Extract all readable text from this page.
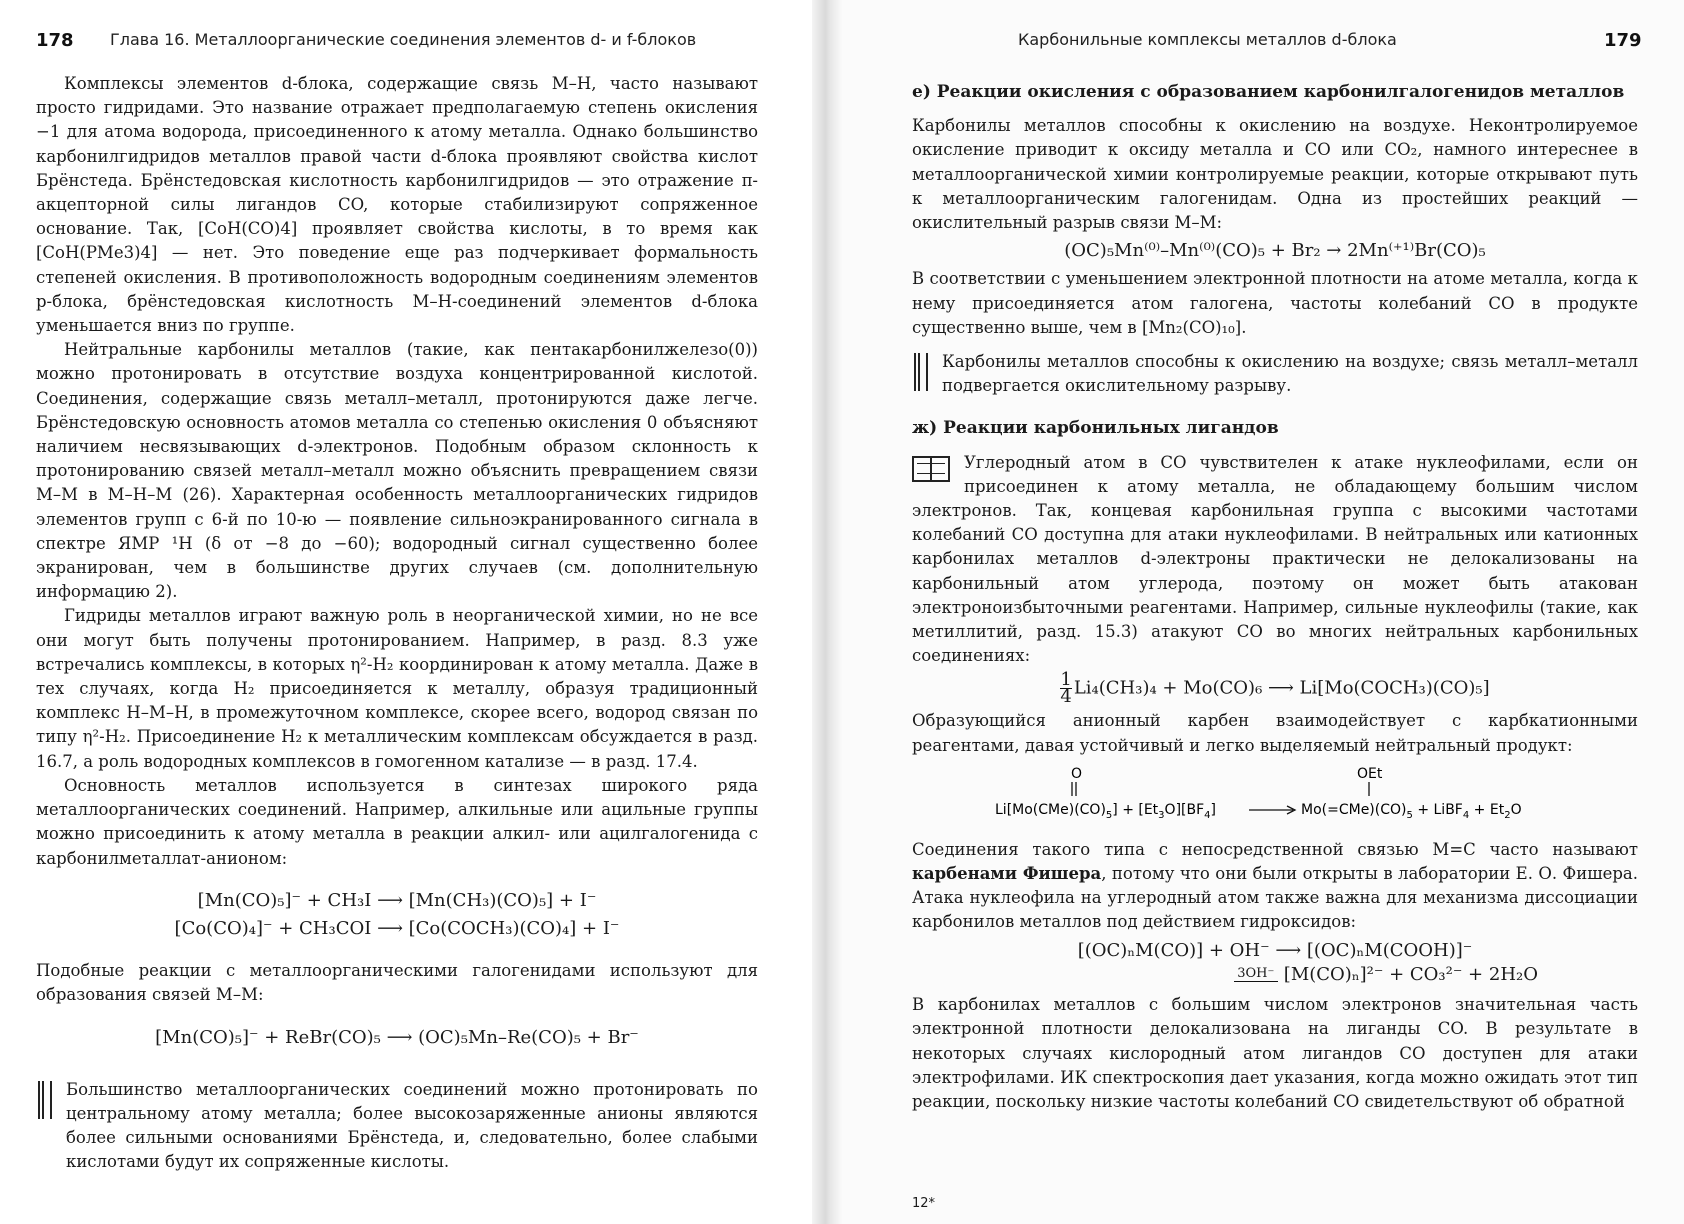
178 Глава 16. Металлоорганические соединения элементов d- и f-блоков

Комплексы элементов d-блока, содержащие связь M–H, часто называют просто гидридами. Это название отражает предполагаемую степень окисления −1 для атома водорода, присоединенного к атому металла. Однако большинство карбонилгидридов металлов правой части d-блока проявляют свойства кислот Брёнстеда. Брёнстедовская кислотность карбонилгидридов — это отражение π-акцепторной силы лигандов CO, которые стабилизируют сопряженное основание. Так, [CoH(CO)4] проявляет свойства кислоты, в то время как [CoH(PMe3)4] — нет. Это поведение еще раз подчеркивает формальность степеней окисления. В противоположность водородным соединениям элементов p-блока, брёнстедовская кислотность M–H-соединений элементов d-блока уменьшается вниз по группе.

Нейтральные карбонилы металлов (такие, как пентакарбонилжелезо(0)) можно протонировать в отсутствие воздуха концентрированной кислотой. Соединения, содержащие связь металл–металл, протонируются даже легче. Брёнстедовскую основность атомов металла со степенью окисления 0 объясняют наличием несвязывающих d-электронов. Подобным образом склонность к протонированию связей металл–металл можно объяснить превращением связи M–M в M–H–M (26). Характерная особенность металлоорганических гидридов элементов групп с 6-й по 10-ю — появление сильноэкранированного сигнала в спектре ЯМР ¹H (δ от −8 до −60); водородный сигнал существенно более экранирован, чем в большинстве других случаев (см. дополнительную информацию 2).

Гидриды металлов играют важную роль в неорганической химии, но не все они могут быть получены протонированием. Например, в разд. 8.3 уже встречались комплексы, в которых η²-H₂ координирован к атому металла. Даже в тех случаях, когда H₂ присоединяется к металлу, образуя традиционный комплекс H–M–H, в промежуточном комплексе, скорее всего, водород связан по типу η²-H₂. Присоединение H₂ к металлическим комплексам обсуждается в разд. 16.7, а роль водородных комплексов в гомогенном катализе — в разд. 17.4.

Основность металлов используется в синтезах широкого ряда металлоорганических соединений. Например, алкильные или ацильные группы можно присоединить к атому металла в реакции алкил- или ацилгалогенида с карбонилметаллат-анионом:

[Mn(CO)₅]⁻ + CH₃I ⟶ [Mn(CH₃)(CO)₅] + I⁻

[Co(CO)₄]⁻ + CH₃COI ⟶ [Co(COCH₃)(CO)₄] + I⁻

Подобные реакции с металлоорганическими галогенидами используют для образования связей M–M:

[Mn(CO)₅]⁻ + ReBr(CO)₅ ⟶ (OC)₅Mn–Re(CO)₅ + Br⁻

Большинство металлоорганических соединений можно протонировать по центральному атому металла; более высокозаряженные анионы являются более сильными основаниями Брёнстеда, и, следовательно, более слабыми кислотами будут их сопряженные кислоты.

Карбонильные комплексы металлов d-блока	179
е) Реакции окисления с образованием карбонилгалогенидов металлов

Карбонилы металлов способны к окислению на воздухе. Неконтролируемое окисление приводит к оксиду металла и CO или CO₂, намного интереснее в металлоорганической химии контролируемые реакции, которые открывают путь к металлоорганическим галогенидам. Одна из простейших реакций — окислительный разрыв связи M–M:

(OC)₅Mn⁽⁰⁾–Mn⁽⁰⁾(CO)₅ + Br₂ → 2Mn⁽⁺¹⁾Br(CO)₅

В соответствии с уменьшением электронной плотности на атоме металла, когда к нему присоединяется атом галогена, частоты колебаний CO в продукте существенно выше, чем в [Mn₂(CO)₁₀].

Карбонилы металлов способны к окислению на воздухе; связь металл–металл подвергается окислительному разрыву.

ж) Реакции карбонильных лигандов

Углеродный атом в CO чувствителен к атаке нуклеофилами, если он присоединен к атому металла, не обладающему большим числом электронов. Так, концевая карбонильная группа с высокими частотами колебаний CO доступна для атаки нуклеофилами. В нейтральных или катионных карбонилах металлов d-электроны практически не делокализованы на карбонильный атом углерода, поэтому он может быть атакован электроноизбыточными реагентами. Например, сильные нуклеофилы (такие, как метиллитий, разд. 15.3) атакуют CO во многих нейтральных карбонильных соединениях:

$\frac{1}{4} Li_4(CH_3)_4 + Mo(CO)_6$ ⟶ Li[Mo(COCH₃)(CO)₅]

Образующийся анионный карбен взаимодействует с карбкатионными реагентами, давая устойчивый и легко выделяемый нейтральный продукт:

O
$Li[Mo(CMe)(CO)_5] + [Et_3O][BF_4]$
OEt
$Mo(=CMe)(CO)_5$ + LiBF$_4$ + $Et_2O$

Соединения такого типа с непосредственной связью M=C часто называют карбенами Фишера, потому что они были открыты в лаборатории Е. О. Фишера. Атака нуклеофила на углеродный атом также важна для механизма диссоциации карбонилов металлов под действием гидроксидов:

[(OC)ₙM(CO)] + OH⁻ ⟶ [(OC)ₙM(COOH)]⁻

3OH⁻ [M(CO)ₙ]²⁻ + CO₃²⁻ + 2H₂O

В карбонилах металлов с большим числом электронов значительная часть электронной плотности делокализована на лиганды CO. В результате в некоторых случаях кислородный атом лигандов CO доступен для атаки электрофилами. ИК спектроскопия дает указания, когда можно ожидать этот тип реакции, поскольку низкие частоты колебаний CO свидетельствуют об обратной

12*
